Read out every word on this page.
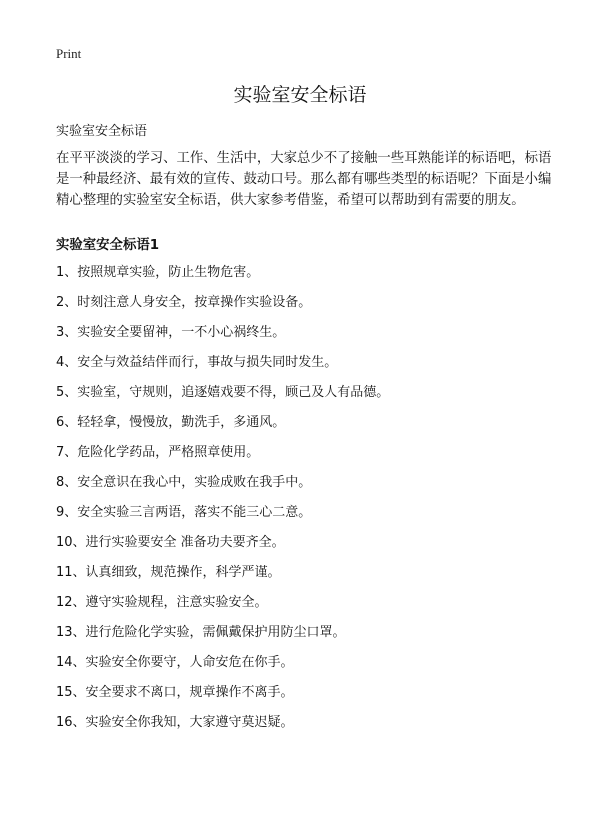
Print
实验室安全标语
实验室安全标语

在平平淡淡的学习、工作、生活中，大家总少不了接触一些耳熟能详的标语吧，标语是一种最经济、最有效的宣传、鼓动口号。那么都有哪些类型的标语呢？下面是小编精心整理的实验室安全标语，供大家参考借鉴，希望可以帮助到有需要的朋友。

实验室安全标语1
1、按照规章实验，防止生物危害。
2、时刻注意人身安全，按章操作实验设备。
3、实验安全要留神，一不小心祸终生。
4、安全与效益结伴而行，事故与损失同时发生。
5、实验室，守规则，追逐嬉戏要不得，顾己及人有品德。
6、轻轻拿，慢慢放，勤洗手，多通风。
7、危险化学药品，严格照章使用。
8、安全意识在我心中，实验成败在我手中。
9、安全实验三言两语，落实不能三心二意。
10、进行实验要安全 准备功夫要齐全。
11、认真细致，规范操作，科学严谨。
12、遵守实验规程，注意实验安全。
13、进行危险化学实验，需佩戴保护用防尘口罩。
14、实验安全你要守，人命安危在你手。
15、安全要求不离口，规章操作不离手。
16、实验安全你我知，大家遵守莫迟疑。
